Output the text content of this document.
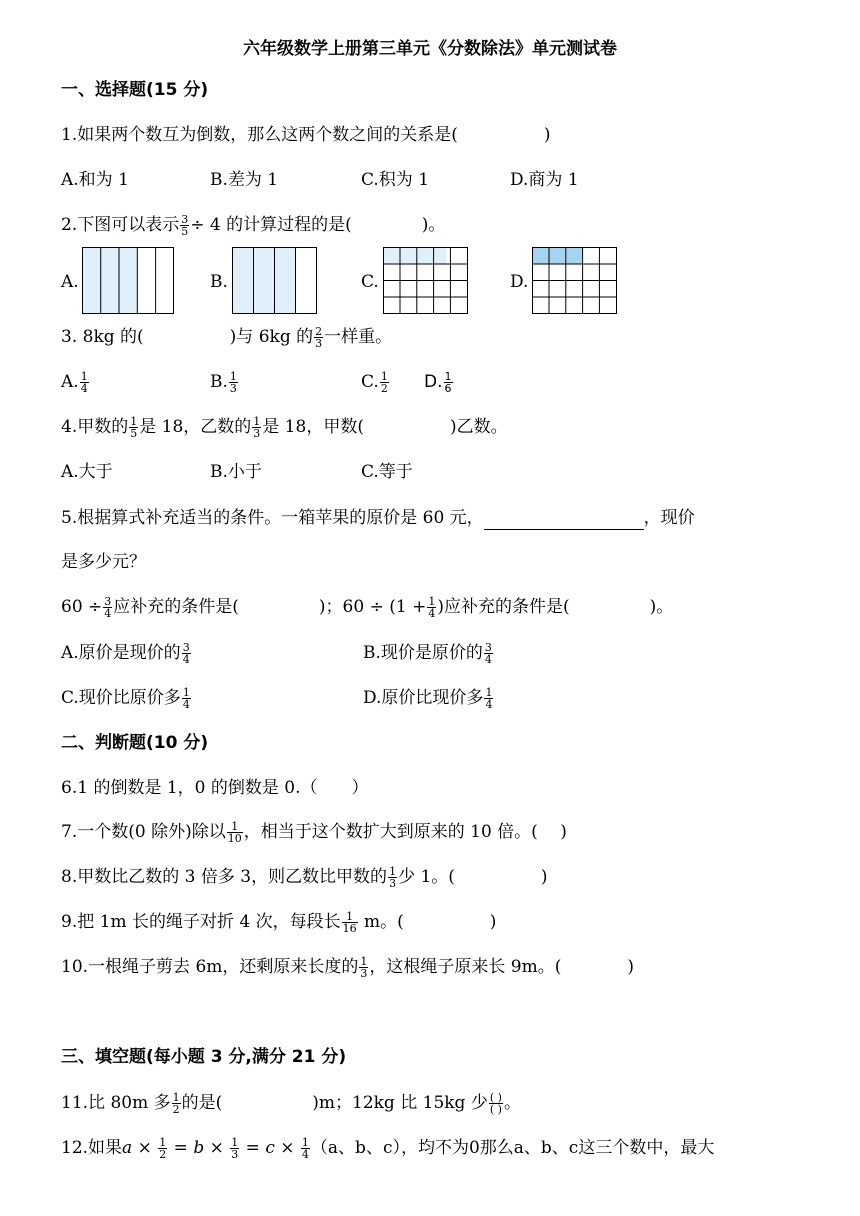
六年级数学上册第三单元《分数除法》单元测试卷
一、选择题(15 分)
1.如果两个数互为倒数，那么这两个数之间的关系是(	)
A.和为 1	B.差为 1	C.积为 1	D.商为 1
2.下图可以表示 $\frac{3}{5} \div 4$ 的计算过程的是(	)。
A.	B.	C.	D.
3. 8kg 的(	)与 6kg 的 $\frac{2}{3}$ 一样重。
A. $\frac{1}{4}$	B. $\frac{1}{3}$	C. $\frac{1}{2} D$. $\frac{1}{6}$
4.甲数的 $\frac{1}{5}$ 是 18，乙数的 $\frac{1}{3}$ 是 18，甲数(	)乙数。
A.大于	B.小于	C.等于
5.根据算式补充适当的条件。一箱苹果的原价是 60 元，	，现价
是多少元？
$60 \div \frac{3}{4}$ 应补充的条件是(	)；$60 \div (1 + \frac{1}{4}$ )应补充的条件是(	)。
A.原价是现价的 $\frac{3}{4}$	B.现价是原价的 $\frac{3}{4}$
C.现价比原价多 $\frac{1}{4}$	D.原价比现价多 $\frac{1}{4}$
二、判断题(10 分)
6.1 的倒数是 1，0 的倒数是 0.（　　）
7.一个数(0 除外)除以 $\frac{1}{10}$ ，相当于这个数扩大到原来的 10 倍。(　 )
8.甲数比乙数的 3 倍多 3，则乙数比甲数的 $\frac{1}{3}$ 少 1。(	)
9.把 1m 长的绳子对折 4 次，每段长 $\frac{1}{16}$ m。(	)
10.一根绳子剪去 6m，还剩原来长度的 $\frac{1}{3}$ ，这根绳子原来长 9m。(	)
三、填空题(每小题 3 分,满分 21 分)
11.比 80m 多 $\frac{1}{2}$ 的是(	)m；12kg 比 15kg 少 $\frac{( )}{( )}$ 。
12.如果$a \times \frac{1}{2} = b \times \frac{1}{3} = c \times \frac{1}{4} (a$、b、c），均不为0那么a、b、c这三个数中，最大
